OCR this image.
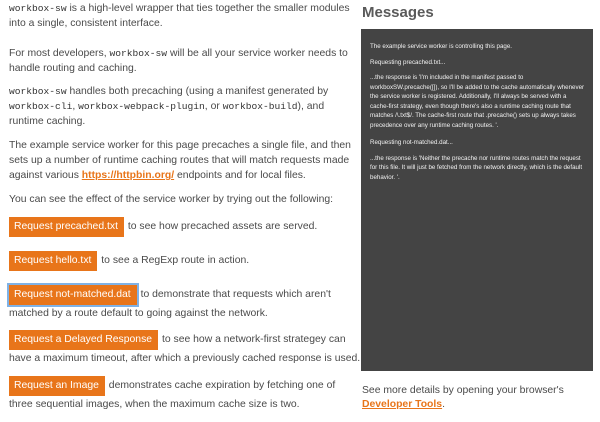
workbox-sw is a high-level wrapper that ties together the smaller modules into a single, consistent interface.

For most developers, workbox-sw will be all your service worker needs to handle routing and caching.

workbox-sw handles both precaching (using a manifest generated by workbox-cli, workbox-webpack-plugin, or workbox-build), and runtime caching.

The example service worker for this page precaches a single file, and then sets up a number of runtime caching routes that will match requests made against various https://httpbin.org/ endpoints and for local files.

You can see the effect of the service worker by trying out the following:

Request precached.txt to see how precached assets are served.
Request hello.txt to see a RegExp route in action.
Request not-matched.dat to demonstrate that requests which aren't matched by a route default to going against the network.
Request a Delayed Response to see how a network-first strategey can have a maximum timeout, after which a previously cached response is used.
Request an Image demonstrates cache expiration by fetching one of three sequential images, when the maximum cache size is two.
Messages

The example service worker is controlling this page.

Requesting precached.txt...

...the response is 'I'm included in the manifest passed to workboxSW.precache([]), so I'll be added to the cache automatically whenever the service worker is registered. Additionally, I'll always be served with a cache-first strategy, even though there's also a runtime caching route that matches /\.txt$/. The cache-first route that .precache() sets up always takes precedence over any runtime caching routes. '.

Requesting not-matched.dat...

...the response is 'Neither the precache nor runtime routes match the request for this file. It will just be fetched from the network directly, which is the default behavior. '.

See more details by opening your browser's Developer Tools.
